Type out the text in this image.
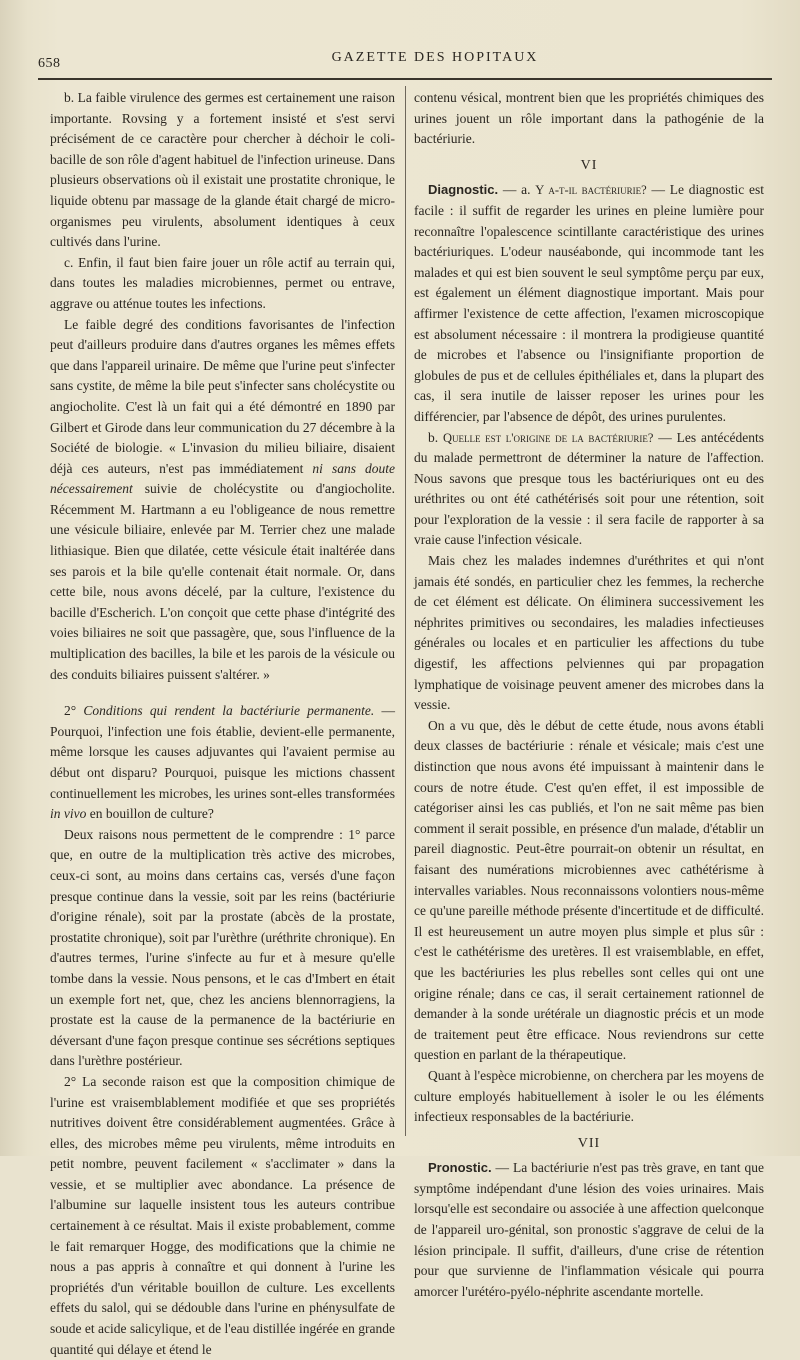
658	GAZETTE DES HOPITAUX

b. La faible virulence des germes est certainement une raison importante. Rovsing y a fortement insisté et s'est servi précisément de ce caractère pour chercher à déchoir le coli-bacille de son rôle d'agent habituel de l'infection urineuse. Dans plusieurs observations où il existait une prostatite chronique, le liquide obtenu par massage de la glande était chargé de micro-organismes peu virulents, absolument identiques à ceux cultivés dans l'urine.

c. Enfin, il faut bien faire jouer un rôle actif au terrain qui, dans toutes les maladies microbiennes, permet ou entrave, aggrave ou atténue toutes les infections.

Le faible degré des conditions favorisantes de l'infection peut d'ailleurs produire dans d'autres organes les mêmes effets que dans l'appareil urinaire. De même que l'urine peut s'infecter sans cystite, de même la bile peut s'infecter sans cholécystite ou angiocholite. C'est là un fait qui a été démontré en 1890 par Gilbert et Girode dans leur communication du 27 décembre à la Société de biologie. « L'invasion du milieu biliaire, disaient déjà ces auteurs, n'est pas immédiatement ni sans doute nécessairement suivie de cholécystite ou d'angiocholite. Récemment M. Hartmann a eu l'obligeance de nous remettre une vésicule biliaire, enlevée par M. Terrier chez une malade lithiasique. Bien que dilatée, cette vésicule était inaltérée dans ses parois et la bile qu'elle contenait était normale. Or, dans cette bile, nous avons décelé, par la culture, l'existence du bacille d'Escherich. L'on conçoit que cette phase d'intégrité des voies biliaires ne soit que passagère, que, sous l'influence de la multiplication des bacilles, la bile et les parois de la vésicule ou des conduits biliaires puissent s'altérer. »

2° Conditions qui rendent la bactériurie permanente. — Pourquoi, l'infection une fois établie, devient-elle permanente, même lorsque les causes adjuvantes qui l'avaient permise au début ont disparu? Pourquoi, puisque les mictions chassent continuellement les microbes, les urines sont-elles transformées in vivo en bouillon de culture?

Deux raisons nous permettent de le comprendre : 1° parce que, en outre de la multiplication très active des microbes, ceux-ci sont, au moins dans certains cas, versés d'une façon presque continue dans la vessie, soit par les reins (bactériurie d'origine rénale), soit par la prostate (abcès de la prostate, prostatite chronique), soit par l'urèthre (uréthrite chronique). En d'autres termes, l'urine s'infecte au fur et à mesure qu'elle tombe dans la vessie. Nous pensons, et le cas d'Imbert en était un exemple fort net, que, chez les anciens blennorragiens, la prostate est la cause de la permanence de la bactériurie en déversant d'une façon presque continue ses sécrétions septiques dans l'urèthre postérieur.

2° La seconde raison est que la composition chimique de l'urine est vraisemblablement modifiée et que ses propriétés nutritives doivent être considérablement augmentées. Grâce à elles, des microbes même peu virulents, même introduits en petit nombre, peuvent facilement « s'acclimater » dans la vessie, et se multiplier avec abondance. La présence de l'albumine sur laquelle insistent tous les auteurs contribue certainement à ce résultat. Mais il existe probablement, comme le fait remarquer Hogge, des modifications que la chimie ne nous a pas appris à connaître et qui donnent à l'urine les propriétés d'un véritable bouillon de culture. Les excellents effets du salol, qui se dédouble dans l'urine en phénysulfate de soude et acide salicylique, et de l'eau distillée ingérée en grande quantité qui délaye et étend le

contenu vésical, montrent bien que les propriétés chimiques des urines jouent un rôle important dans la pathogénie de la bactériurie.

VI

Diagnostic. — a. Y a-t-il bactériurie? — Le diagnostic est facile : il suffit de regarder les urines en pleine lumière pour reconnaître l'opalescence scintillante caractéristique des urines bactériuriques. L'odeur nauséabonde, qui incommode tant les malades et qui est bien souvent le seul symptôme perçu par eux, est également un élément diagnostique important. Mais pour affirmer l'existence de cette affection, l'examen microscopique est absolument nécessaire : il montrera la prodigieuse quantité de microbes et l'absence ou l'insignifiante proportion de globules de pus et de cellules épithéliales et, dans la plupart des cas, il sera inutile de laisser reposer les urines pour les différencier, par l'absence de dépôt, des urines purulentes.

b. Quelle est l'origine de la bactériurie? — Les antécédents du malade permettront de déterminer la nature de l'affection. Nous savons que presque tous les bactériuriques ont eu des uréthrites ou ont été cathétérisés soit pour une rétention, soit pour l'exploration de la vessie : il sera facile de rapporter à sa vraie cause l'infection vésicale.

Mais chez les malades indemnes d'uréthrites et qui n'ont jamais été sondés, en particulier chez les femmes, la recherche de cet élément est délicate. On éliminera successivement les néphrites primitives ou secondaires, les maladies infectieuses générales ou locales et en particulier les affections du tube digestif, les affections pelviennes qui par propagation lymphatique de voisinage peuvent amener des microbes dans la vessie.

On a vu que, dès le début de cette étude, nous avons établi deux classes de bactériurie : rénale et vésicale; mais c'est une distinction que nous avons été impuissant à maintenir dans le cours de notre étude. C'est qu'en effet, il est impossible de catégoriser ainsi les cas publiés, et l'on ne sait même pas bien comment il serait possible, en présence d'un malade, d'établir un pareil diagnostic. Peut-être pourrait-on obtenir un résultat, en faisant des numérations microbiennes avec cathétérisme à intervalles variables. Nous reconnaissons volontiers nous-même ce qu'une pareille méthode présente d'incertitude et de difficulté. Il est heureusement un autre moyen plus simple et plus sûr : c'est le cathétérisme des uretères. Il est vraisemblable, en effet, que les bactériuries les plus rebelles sont celles qui ont une origine rénale; dans ce cas, il serait certainement rationnel de demander à la sonde urétérale un diagnostic précis et un mode de traitement peut être efficace. Nous reviendrons sur cette question en parlant de la thérapeutique.

Quant à l'espèce microbienne, on cherchera par les moyens de culture employés habituellement à isoler le ou les éléments infectieux responsables de la bactériurie.

VII

Pronostic. — La bactériurie n'est pas très grave, en tant que symptôme indépendant d'une lésion des voies urinaires. Mais lorsqu'elle est secondaire ou associée à une affection quelconque de l'appareil uro-génital, son pronostic s'aggrave de celui de la lésion principale. Il suffit, d'ailleurs, d'une crise de rétention pour que survienne de l'inflammation vésicale qui pourra amorcer l'urétéro-pyélo-néphrite ascendante mortelle.
